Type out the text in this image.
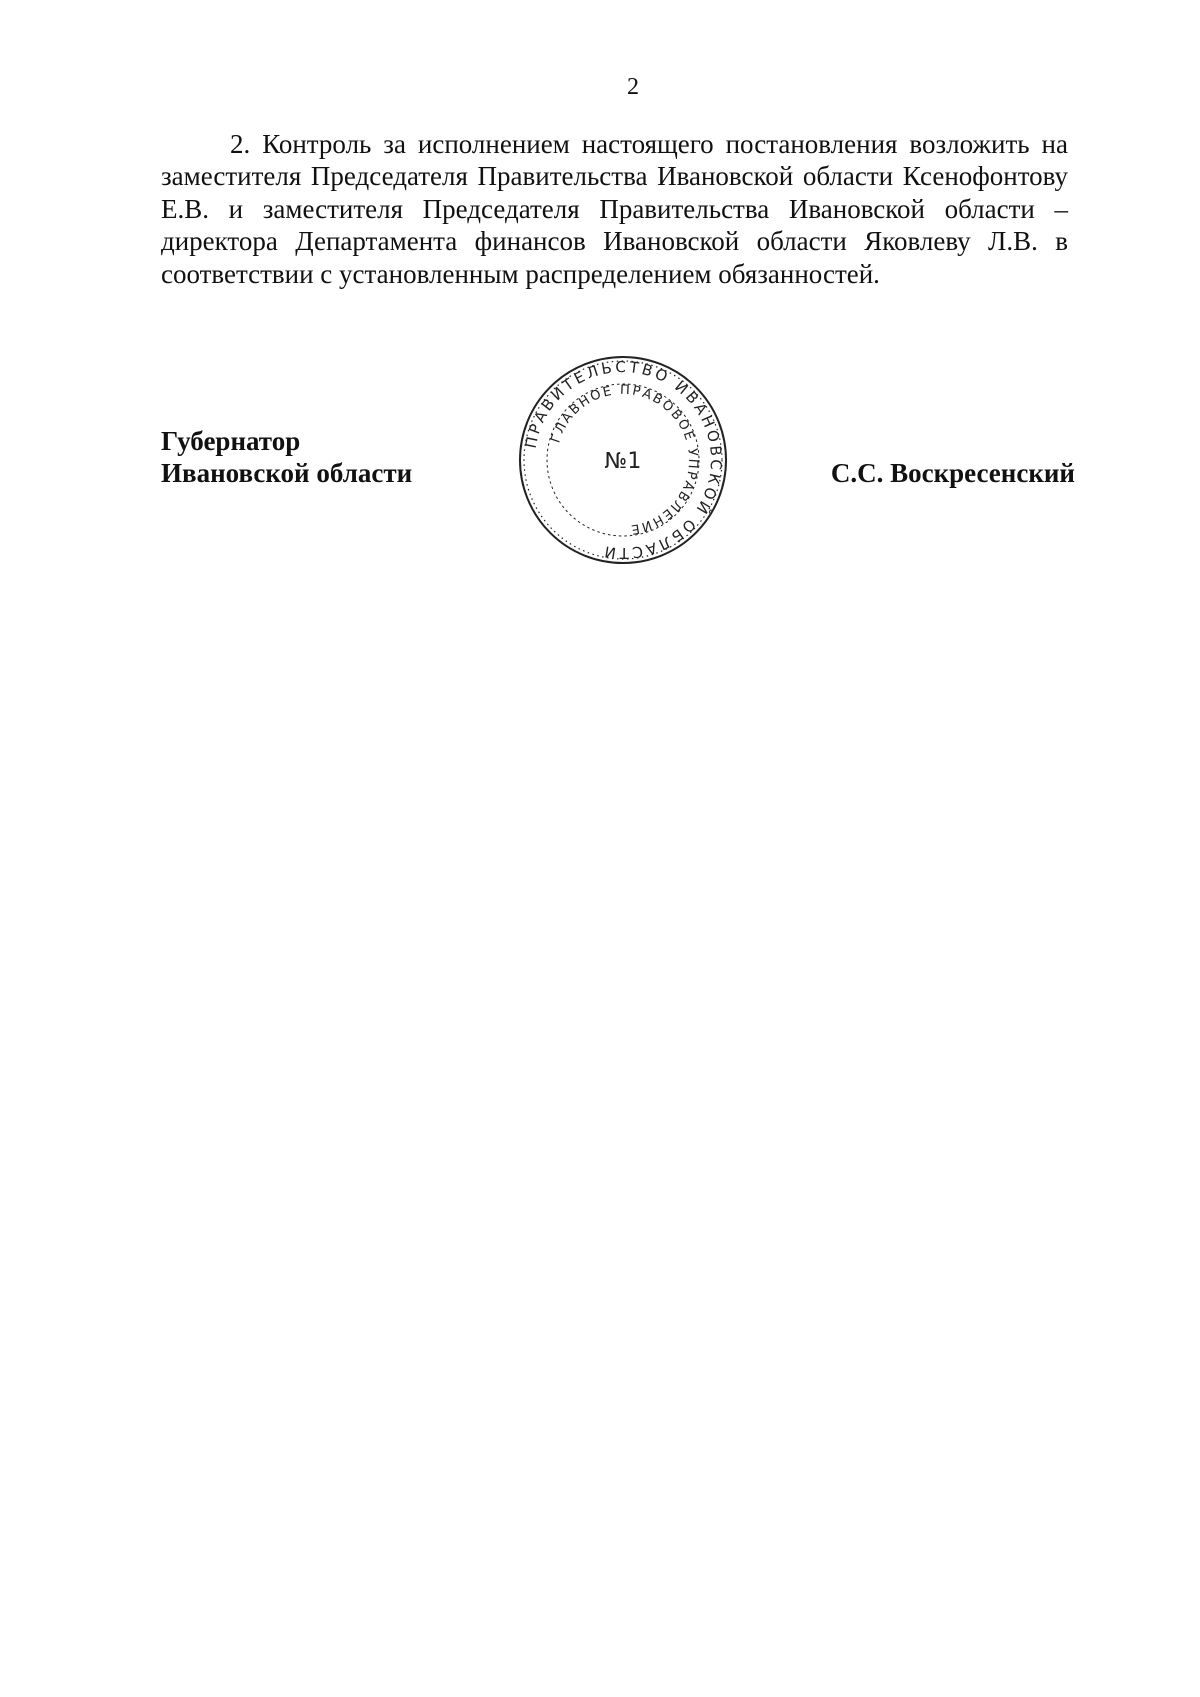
2

2. Контроль за исполнением настоящего постановления возложить на заместителя Председателя Правительства Ивановской области Ксенофонтову Е.В. и заместителя Председателя Правительства Ивановской области – директора Департамента финансов Ивановской области Яковлеву Л.В. в соответствии с установленным распределением обязанностей.

Губернатор
Ивановской области
ПРАВИТЕЛЬСТВО ИВАНОВСКОЙ ОБЛАСТИ
ГЛАВНОЕ ПРАВОВОЕ УПРАВЛЕНИЕ
№1	С.С. Воскресенский
